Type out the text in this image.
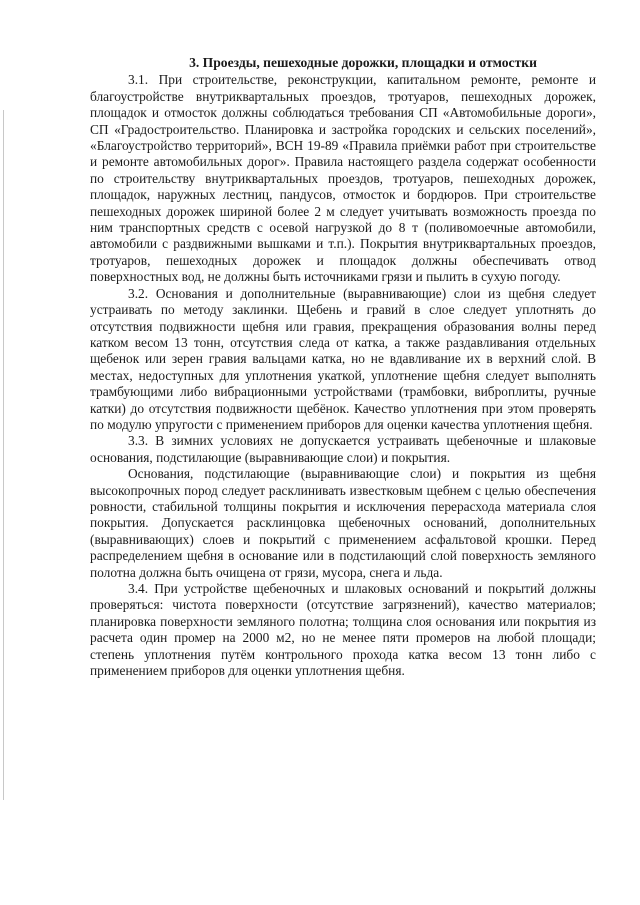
3. Проезды, пешеходные дорожки, площадки и отмостки

3.1. При строительстве, реконструкции, капитальном ремонте, ремонте и благоустройстве внутриквартальных проездов, тротуаров, пешеходных дорожек, площадок и отмосток должны соблюдаться требования СП «Автомобильные дороги», СП «Градостроительство. Планировка и застройка городских и сельских поселений», «Благоустройство территорий», ВСН 19-89 «Правила приёмки работ при строительстве и ремонте автомобильных дорог». Правила настоящего раздела содержат особенности по строительству внутриквартальных проездов, тротуаров, пешеходных дорожек, площадок, наружных лестниц, пандусов, отмосток и бордюров. При строительстве пешеходных дорожек шириной более 2 м следует учитывать возможность проезда по ним транспортных средств с осевой нагрузкой до 8 т (поливомоечные автомобили, автомобили с раздвижными вышками и т.п.). Покрытия внутриквартальных проездов, тротуаров, пешеходных дорожек и площадок должны обеспечивать отвод поверхностных вод, не должны быть источниками грязи и пылить в сухую погоду.

3.2. Основания и дополнительные (выравнивающие) слои из щебня следует устраивать по методу заклинки. Щебень и гравий в слое следует уплотнять до отсутствия подвижности щебня или гравия, прекращения образования волны перед катком весом 13 тонн, отсутствия следа от катка, а также раздавливания отдельных щебенок или зерен гравия вальцами катка, но не вдавливание их в верхний слой. В местах, недоступных для уплотнения укаткой, уплотнение щебня следует выполнять трамбующими либо вибрационными устройствами (трамбовки, виброплиты, ручные катки) до отсутствия подвижности щебёнок. Качество уплотнения при этом проверять по модулю упругости с применением приборов для оценки качества уплотнения щебня.

3.3. В зимних условиях не допускается устраивать щебеночные и шлаковые основания, подстилающие (выравнивающие слои) и покрытия.

Основания, подстилающие (выравнивающие слои) и покрытия из щебня высокопрочных пород следует расклинивать известковым щебнем с целью обеспечения ровности, стабильной толщины покрытия и исключения перерасхода материала слоя покрытия. Допускается расклинцовка щебеночных оснований, дополнительных (выравнивающих) слоев и покрытий с применением асфальтовой крошки. Перед распределением щебня в основание или в подстилающий слой поверхность земляного полотна должна быть очищена от грязи, мусора, снега и льда.

3.4. При устройстве щебеночных и шлаковых оснований и покрытий должны проверяться: чистота поверхности (отсутствие загрязнений), качество материалов; планировка поверхности земляного полотна; толщина слоя основания или покрытия из расчета один промер на 2000 м2, но не менее пяти промеров на любой площади; степень уплотнения путём контрольного прохода катка весом 13 тонн либо с применением приборов для оценки уплотнения щебня.
